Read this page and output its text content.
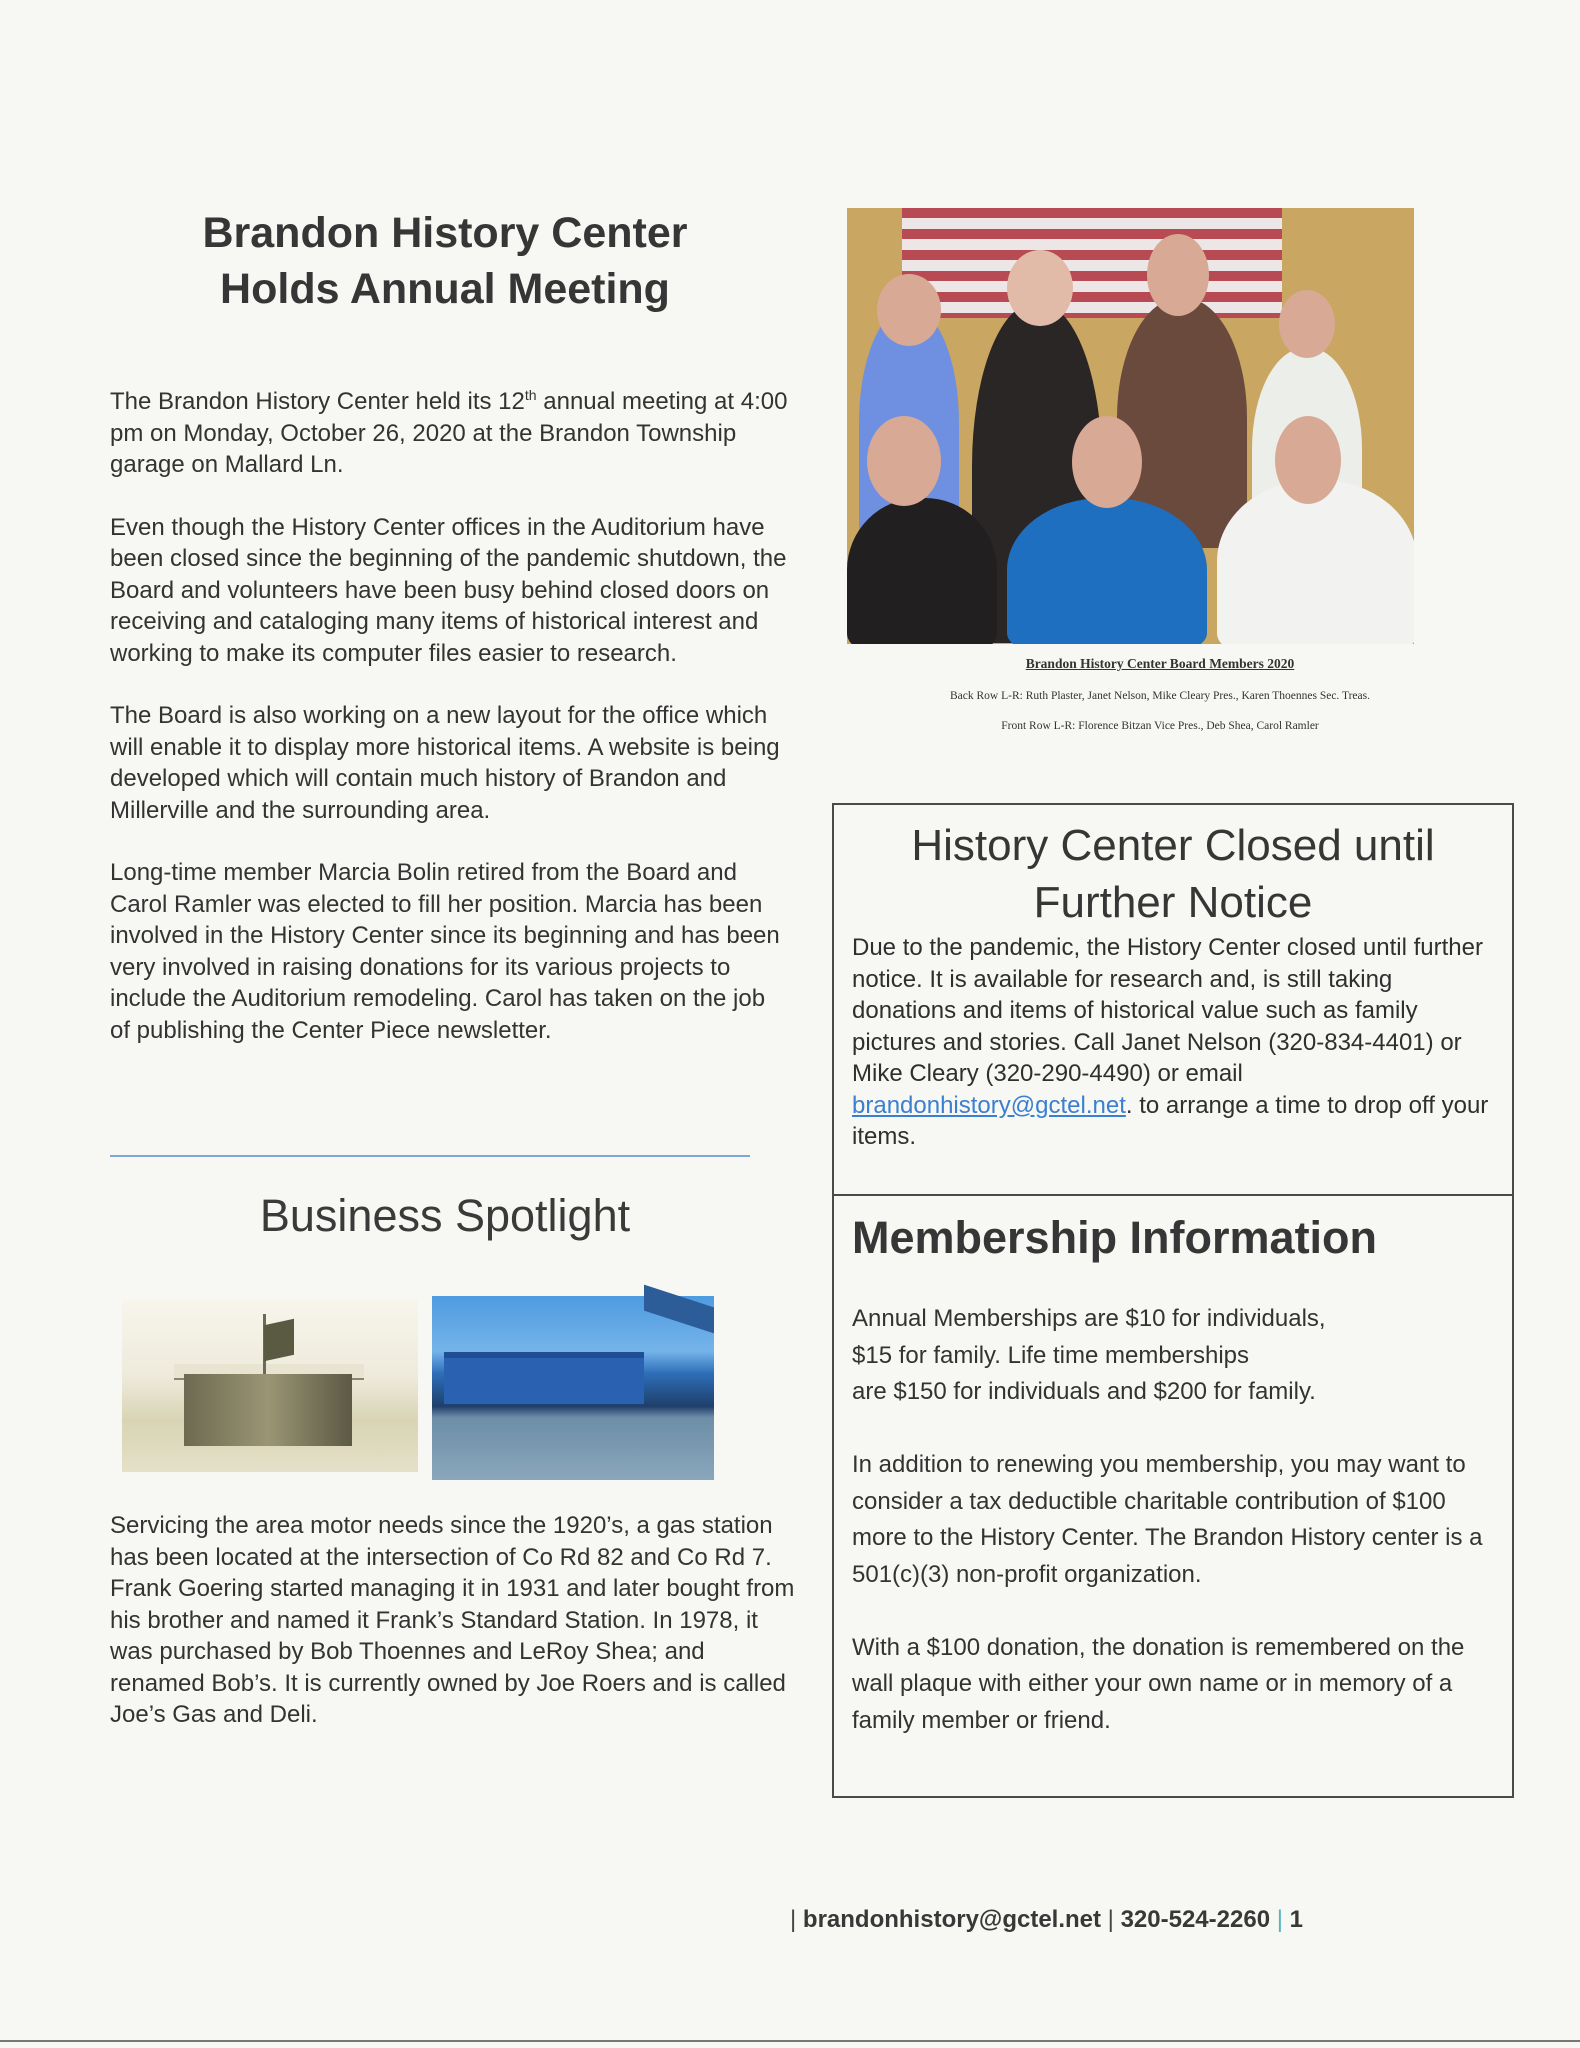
Brandon History Center
Holds Annual Meeting

The Brandon History Center held its 12th annual meeting at 4:00 pm on Monday, October 26, 2020 at the Brandon Township garage on Mallard Ln.

Even though the History Center offices in the Auditorium have been closed since the beginning of the pandemic shutdown, the Board and volunteers have been busy behind closed doors on receiving and cataloging many items of historical interest and working to make its computer files easier to research.

The Board is also working on a new layout for the office which will enable it to display more historical items. A website is being developed which will contain much history of Brandon and Millerville and the surrounding area.

Long-time member Marcia Bolin retired from the Board and Carol Ramler was elected to fill her position. Marcia has been involved in the History Center since its beginning and has been very involved in raising donations for its various projects to include the Auditorium remodeling. Carol has taken on the job of publishing the Center Piece newsletter.

Business Spotlight
Servicing the area motor needs since the 1920’s, a gas station has been located at the intersection of Co Rd 82 and Co Rd 7. Frank Goering started managing it in 1931 and later bought from his brother and named it Frank’s Standard Station. In 1978, it was purchased by Bob Thoennes and LeRoy Shea; and renamed Bob’s. It is currently owned by Joe Roers and is called Joe’s Gas and Deli.
Brandon History Center Board Members 2020
Back Row L-R: Ruth Plaster, Janet Nelson, Mike Cleary Pres., Karen Thoennes Sec. Treas.
Front Row L-R: Florence Bitzan Vice Pres., Deb Shea, Carol Ramler
History Center Closed until
Further Notice
Due to the pandemic, the History Center closed until further notice. It is available for research and, is still taking donations and items of historical value such as family pictures and stories. Call Janet Nelson (320-834-4401) or Mike Cleary (320-290-4490) or email brandonhistory@gctel.net. to arrange a time to drop off your items.
Membership Information

Annual Memberships are $10 for individuals,
$15 for family. Life time memberships
are $150 for individuals and $200 for family.

In addition to renewing you membership, you may want to consider a tax deductible charitable contribution of $100 more to the History Center. The Brandon History center is a 501(c)(3) non-profit organization.

With a $100 donation, the donation is remembered on the wall plaque with either your own name or in memory of a family member or friend.

| brandonhistory@gctel.net | 320-524-2260 | 1
